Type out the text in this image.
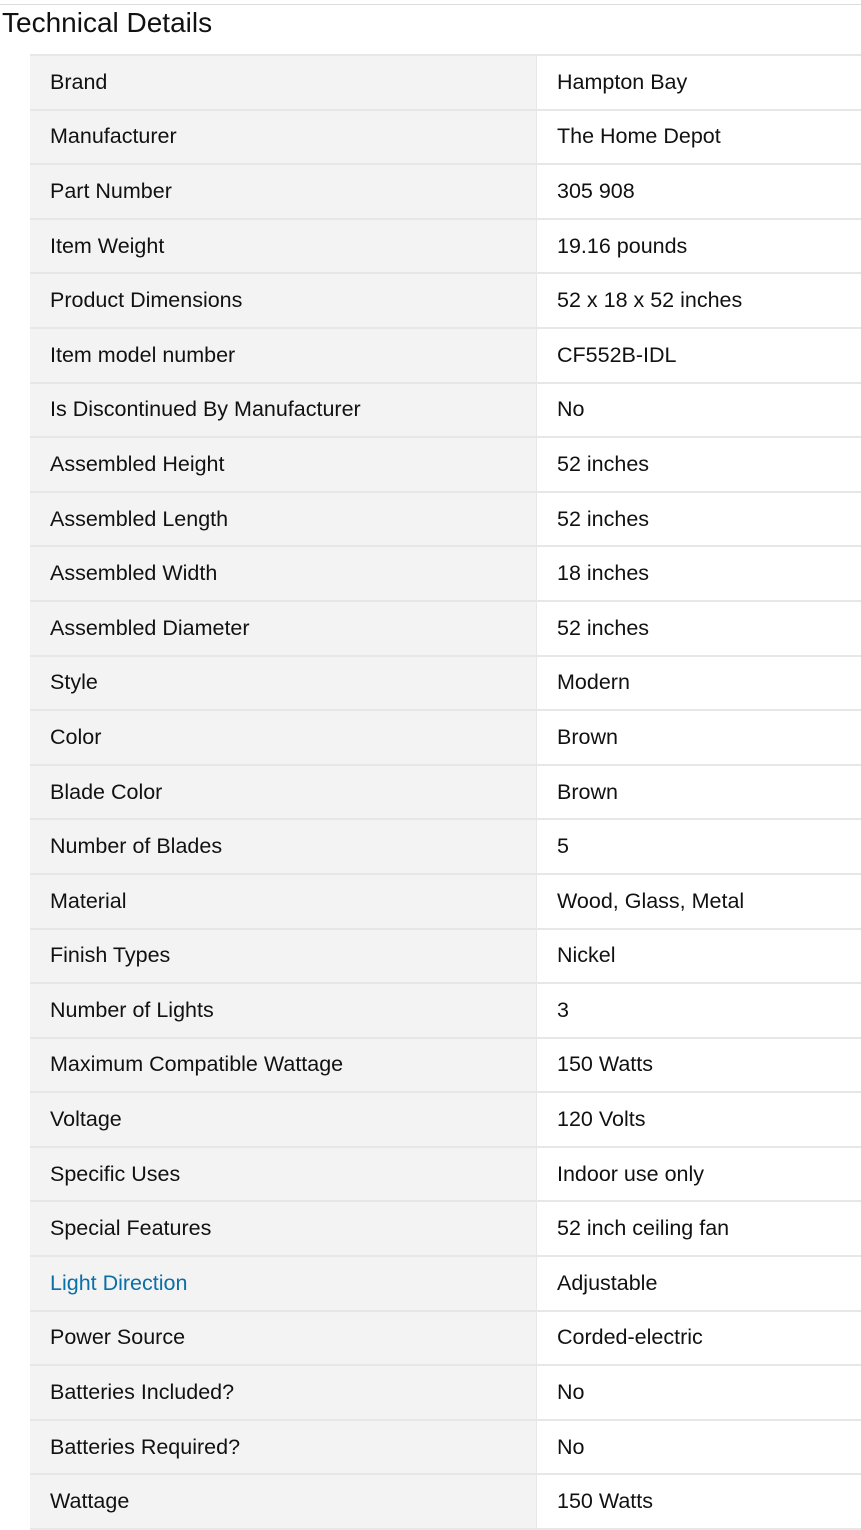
Technical Details
Brand	Hampton Bay
Manufacturer	The Home Depot
Part Number	305 908
Item Weight	19.16 pounds
Product Dimensions	52 x 18 x 52 inches
Item model number	CF552B-IDL
Is Discontinued By Manufacturer	No
Assembled Height	52 inches
Assembled Length	52 inches
Assembled Width	18 inches
Assembled Diameter	52 inches
Style	Modern
Color	Brown
Blade Color	Brown
Number of Blades	5
Material	Wood, Glass, Metal
Finish Types	Nickel
Number of Lights	3
Maximum Compatible Wattage	150 Watts
Voltage	120 Volts
Specific Uses	Indoor use only
Special Features	52 inch ceiling fan
Light Direction	Adjustable
Power Source	Corded-electric
Batteries Included?	No
Batteries Required?	No
Wattage	150 Watts
